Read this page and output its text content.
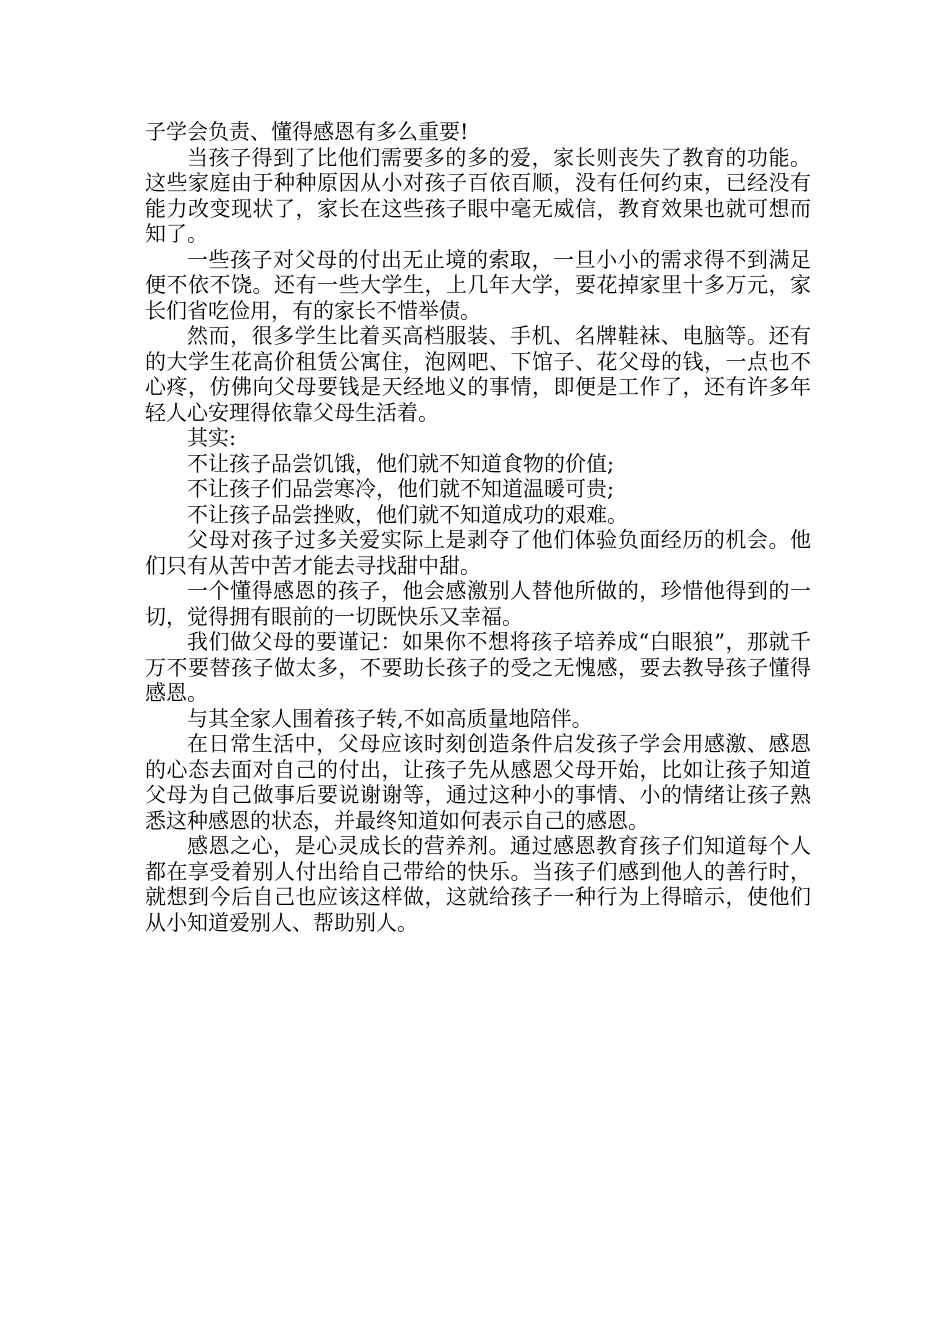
子学会负责、懂得感恩有多么重要!

当孩子得到了比他们需要多的多的爱，家长则丧失了教育的功能。这些家庭由于种种原因从小对孩子百依百顺，没有任何约束，已经没有能力改变现状了，家长在这些孩子眼中毫无威信，教育效果也就可想而知了。

一些孩子对父母的付出无止境的索取，一旦小小的需求得不到满足便不依不饶。还有一些大学生，上几年大学，要花掉家里十多万元，家长们省吃俭用，有的家长不惜举债。

然而，很多学生比着买高档服装、手机、名牌鞋袜、电脑等。还有的大学生花高价租赁公寓住，泡网吧、下馆子、花父母的钱，一点也不心疼，仿佛向父母要钱是天经地义的事情，即便是工作了，还有许多年轻人心安理得依靠父母生活着。

其实:

不让孩子品尝饥饿，他们就不知道食物的价值;

不让孩子们品尝寒冷，他们就不知道温暖可贵;

不让孩子品尝挫败，他们就不知道成功的艰难。

父母对孩子过多关爱实际上是剥夺了他们体验负面经历的机会。他们只有从苦中苦才能去寻找甜中甜。

一个懂得感恩的孩子，他会感激别人替他所做的，珍惜他得到的一切，觉得拥有眼前的一切既快乐又幸福。

我们做父母的要谨记：如果你不想将孩子培养成“白眼狼”，那就千万不要替孩子做太多，不要助长孩子的受之无愧感，要去教导孩子懂得感恩。

与其全家人围着孩子转,不如高质量地陪伴。

在日常生活中，父母应该时刻创造条件启发孩子学会用感激、感恩的心态去面对自己的付出，让孩子先从感恩父母开始，比如让孩子知道父母为自己做事后要说谢谢等，通过这种小的事情、小的情绪让孩子熟悉这种感恩的状态，并最终知道如何表示自己的感恩。

感恩之心，是心灵成长的营养剂。通过感恩教育孩子们知道每个人都在享受着别人付出给自己带给的快乐。当孩子们感到他人的善行时，就想到今后自己也应该这样做，这就给孩子一种行为上得暗示，使他们从小知道爱别人、帮助别人。
